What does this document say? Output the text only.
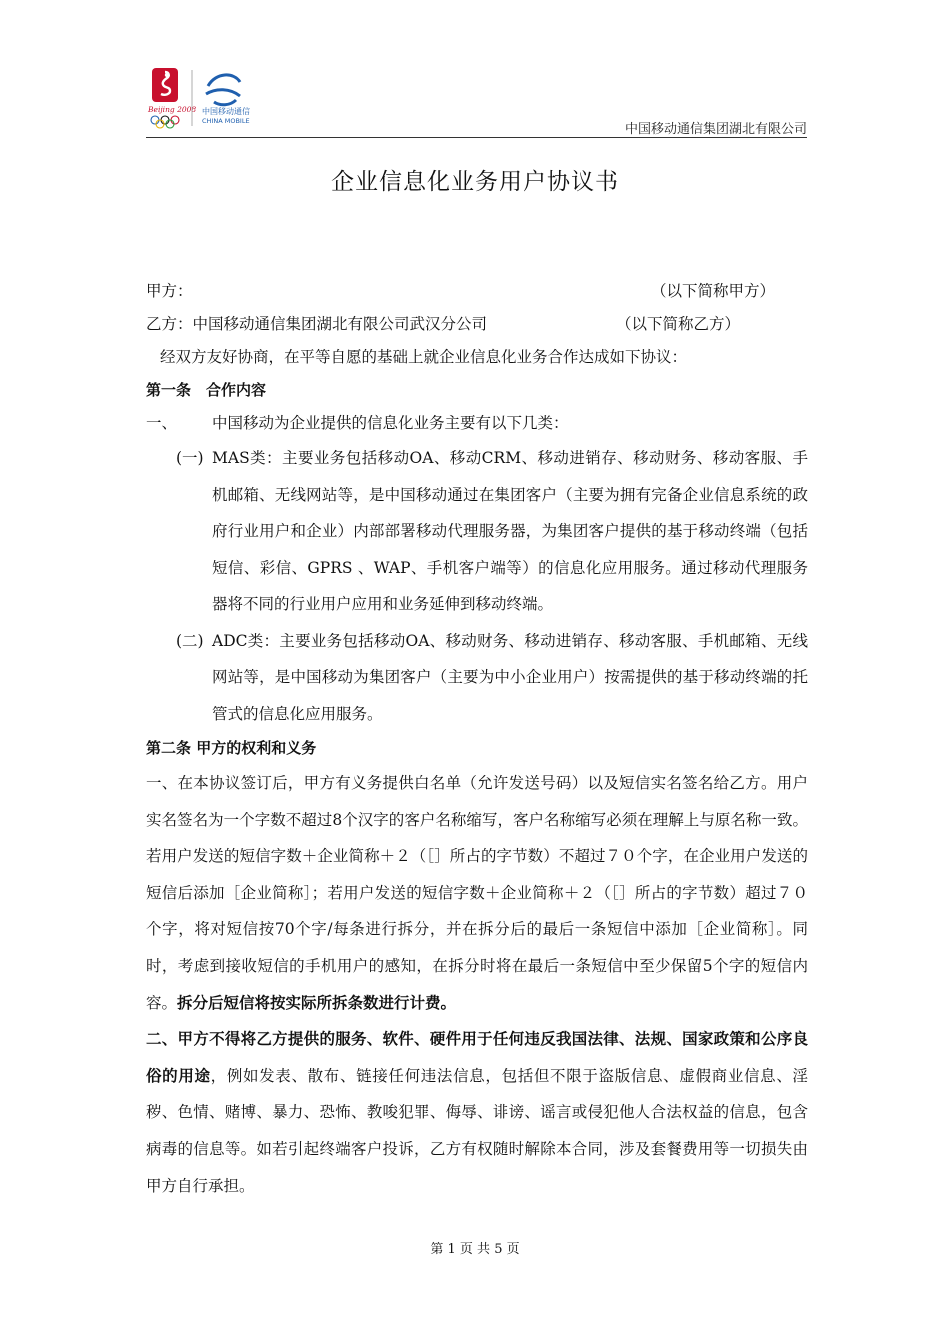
Beijing 2008 中国移动通信
CHINA MOBILE
中国移动通信集团湖北有限公司
企业信息化业务用户协议书
甲方：	（以下简称甲方）
乙方：中国移动通信集团湖北有限公司武汉分公司	（以下简称乙方）
经双方友好协商，在平等自愿的基础上就企业信息化业务合作达成如下协议：
第一条　合作内容
一、 中国移动为企业提供的信息化业务主要有以下几类：
(一) MAS类：主要业务包括移动OA、移动CRM、移动进销存、移动财务、移动客服、手机邮箱、无线网站等，是中国移动通过在集团客户（主要为拥有完备企业信息系统的政府行业用户和企业）内部部署移动代理服务器，为集团客户提供的基于移动终端（包括短信、彩信、GPRS 、WAP、手机客户端等）的信息化应用服务。通过移动代理服务器将不同的行业用户应用和业务延伸到移动终端。

(二) ADC类：主要业务包括移动OA、移动财务、移动进销存、移动客服、手机邮箱、无线网站等，是中国移动为集团客户（主要为中小企业用户）按需提供的基于移动终端的托管式的信息化应用服务。

第二条 甲方的权利和义务

一、在本协议签订后，甲方有义务提供白名单（允许发送号码）以及短信实名签名给乙方。用户实名签名为一个字数不超过8个汉字的客户名称缩写，客户名称缩写必须在理解上与原名称一致。若用户发送的短信字数＋企业简称＋２（［］所占的字节数）不超过７０个字，在企业用户发送的短信后添加［企业简称］；若用户发送的短信字数＋企业简称＋２（［］所占的字节数）超过７０个字，将对短信按70个字/每条进行拆分，并在拆分后的最后一条短信中添加［企业简称］。同时，考虑到接收短信的手机用户的感知，在拆分时将在最后一条短信中至少保留5个字的短信内容。拆分后短信将按实际所拆条数进行计费。

二、甲方不得将乙方提供的服务、软件、硬件用于任何违反我国法律、法规、国家政策和公序良俗的用途，例如发表、散布、链接任何违法信息，包括但不限于盗版信息、虚假商业信息、淫秽、色情、赌博、暴力、恐怖、教唆犯罪、侮辱、诽谤、谣言或侵犯他人合法权益的信息，包含病毒的信息等。如若引起终端客户投诉，乙方有权随时解除本合同，涉及套餐费用等一切损失由甲方自行承担。

第 1 页 共 5 页
